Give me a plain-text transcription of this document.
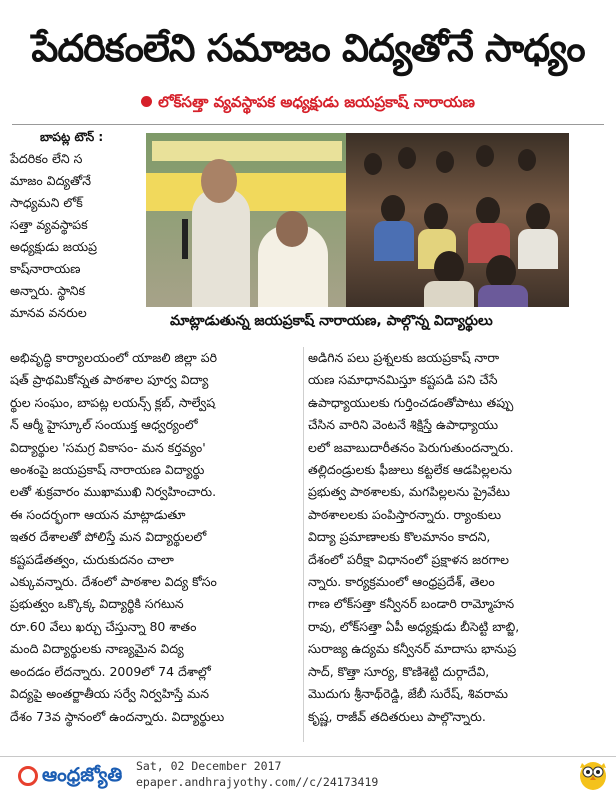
పేదరికంలేని సమాజం విద్యతోనే సాధ్యం
లోక్‌సత్తా వ్యవస్థాపక అధ్యక్షుడు జయప్రకాష్ నారాయణ
బాపట్ల టౌన్ :
పేదరికం లేని స
మాజం విద్యతోనే
సాధ్యమని లోక్
సత్తా వ్యవస్థాపక
అధ్యక్షుడు జయప్ర
కాష్‌నారాయణ
అన్నారు. స్థానిక
మానవ వనరుల
మాట్లాడుతున్న జయప్రకాష్ నారాయణ, పాల్గొన్న విద్యార్థులు
అభివృద్ధి కార్యాలయంలో యాజలి జిల్లా పరి
షత్ ప్రాథమికోన్నత పాఠశాల పూర్వ విద్యా
ర్థుల సంఘం, బాపట్ల లయన్స్ క్లబ్, సాల్వేష
న్ ఆర్మీ హైస్కూల్ సంయుక్త ఆధ్వర్యంలో
విద్యార్థుల 'సమగ్ర వికాసం- మన కర్తవ్యం'
అంశంపై జయప్రకాష్ నారాయణ విద్యార్థు
లతో శుక్రవారం ముఖాముఖి నిర్వహించారు.
ఈ సందర్భంగా ఆయన మాట్లాడుతూ
ఇతర దేశాలతో పోలిస్తే మన విద్యార్థులలో
కష్టపడేతత్వం, చురుకుదనం చాలా
ఎక్కువన్నారు. దేశంలో పాఠశాల విద్య కోసం
ప్రభుత్వం ఒక్కొక్క విద్యార్థికి సగటున
రూ.60 వేలు ఖర్చు చేస్తున్నా 80 శాతం
మంది విద్యార్థులకు నాణ్యమైన విద్య
అందడం లేదన్నారు. 2009లో 74 దేశాల్లో
విద్యపై అంతర్జాతీయ సర్వే నిర్వహిస్తే మన
దేశం 73వ స్థానంలో ఉందన్నారు. విద్యార్థులు
అడిగిన పలు ప్రశ్నలకు జయప్రకాష్ నారా
యణ సమాధానమిస్తూ కష్టపడి పని చేసే
ఉపాధ్యాయులకు గుర్తించడంతోపాటు తప్పు
చేసిన వారిని వెంటనే శిక్షిస్తే ఉపాధ్యాయు
లలో జవాబుదారీతనం పెరుగుతుందన్నారు.
తల్లిదండ్రులకు ఫీజులు కట్టలేక ఆడపిల్లలను
ప్రభుత్వ పాఠశాలకు, మగపిల్లలను ప్రైవేటు
పాఠశాలలకు పంపిస్తారన్నారు. ర్యాంకులు
విద్యా ప్రమాణాలకు కొలమానం కాదని,
దేశంలో పరీక్షా విధానంలో ప్రక్షాళన జరగాల
న్నారు. కార్యక్రమంలో ఆంధ్రప్రదేశ్, తెలం
గాణ లోక్‌సత్తా కన్వీనర్ బండారి రామ్మోహన
రావు, లోక్‌సత్తా ఏపీ అధ్యక్షుడు బీసెట్టి బాబ్జి,
సురాజ్య ఉద్యమ కన్వీనర్ మాదాసు భానుప్ర
సాద్, కొత్తా సూర్య, కొణిశెట్టి దుర్గాదేవి,
మొదుగు శ్రీనాథ్‌రెడ్డి, జేబీ సురేష్, శివరామ
కృష్ణ, రాజీవ్ తదితరులు పాల్గొన్నారు.
ఆంధ్రజ్యోతి Sat, 02 December 2017
epaper.andhrajyothy.com//c/24173419
